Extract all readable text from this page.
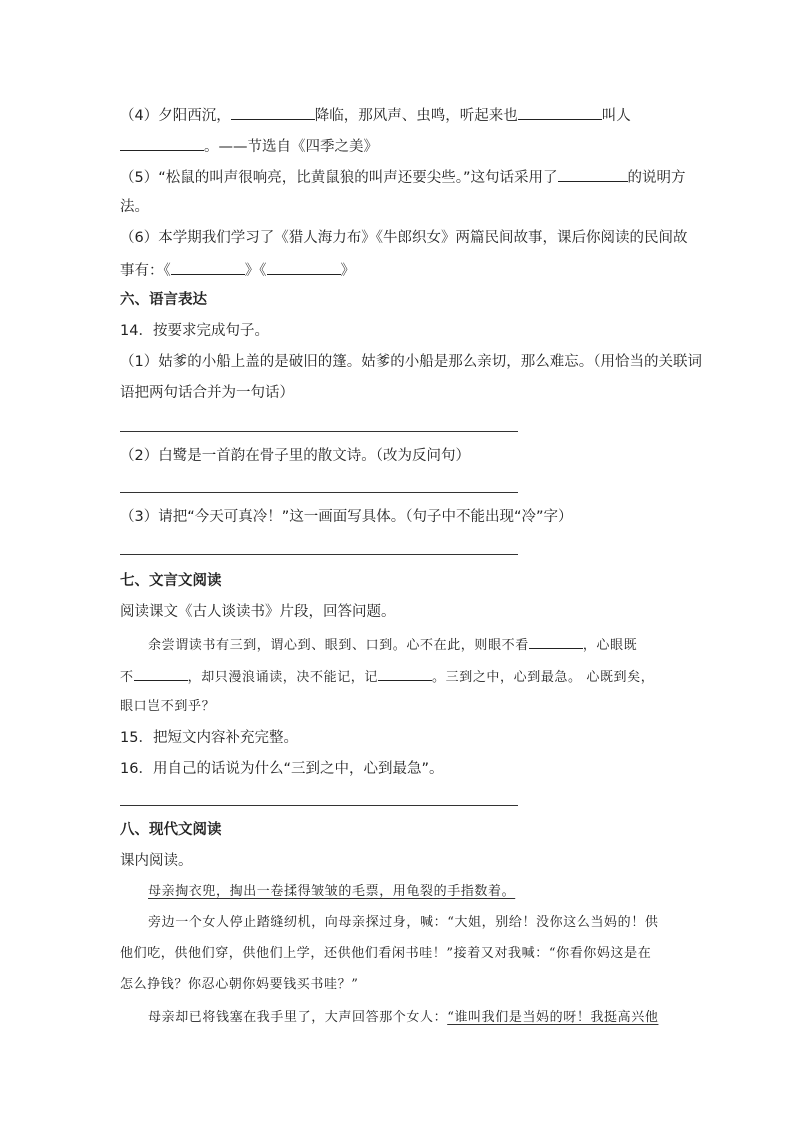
（4）夕阳西沉，	降临，那风声、虫鸣，听起来也	叫人
。——节选自《四季之美》
（5）“松鼠的叫声很响亮，比黄鼠狼的叫声还要尖些。”这句话采用了	的说明方
法。
（6）本学期我们学习了《猎人海力布》《牛郎织女》两篇民间故事，课后你阅读的民间故
事有：《	》《	》
六、语言表达
14．按要求完成句子。
（1）姑爹的小船上盖的是破旧的篷。姑爹的小船是那么亲切，那么难忘。（用恰当的关联词
语把两句话合并为一句话）
（2）白鹭是一首韵在骨子里的散文诗。（改为反问句）
（3）请把“今天可真冷！”这一画面写具体。（句子中不能出现“冷”字）
七、文言文阅读
阅读课文《古人谈读书》片段，回答问题。
余尝谓读书有三到，谓心到、眼到、口到。心不在此，则眼不看	，心眼既
不	，却只漫浪诵读，决不能记，记	。三到之中，心到最急。 心既到矣，
眼口岂不到乎？
15．把短文内容补充完整。
16．用自己的话说为什么“三到之中，心到最急”。
八、现代文阅读
课内阅读。
母亲掏衣兜，掏出一卷揉得皱皱的毛票，用龟裂的手指数着。
旁边一个女人停止踏缝纫机，向母亲探过身，喊：“大姐，别给！没你这么当妈的！供
他们吃，供他们穿，供他们上学，还供他们看闲书哇！”接着又对我喊：“你看你妈这是在
怎么挣钱？你忍心朝你妈要钱买书哇？”
母亲却已将钱塞在我手里了，大声回答那个女人：“谁叫我们是当妈的呀！我挺高兴他
